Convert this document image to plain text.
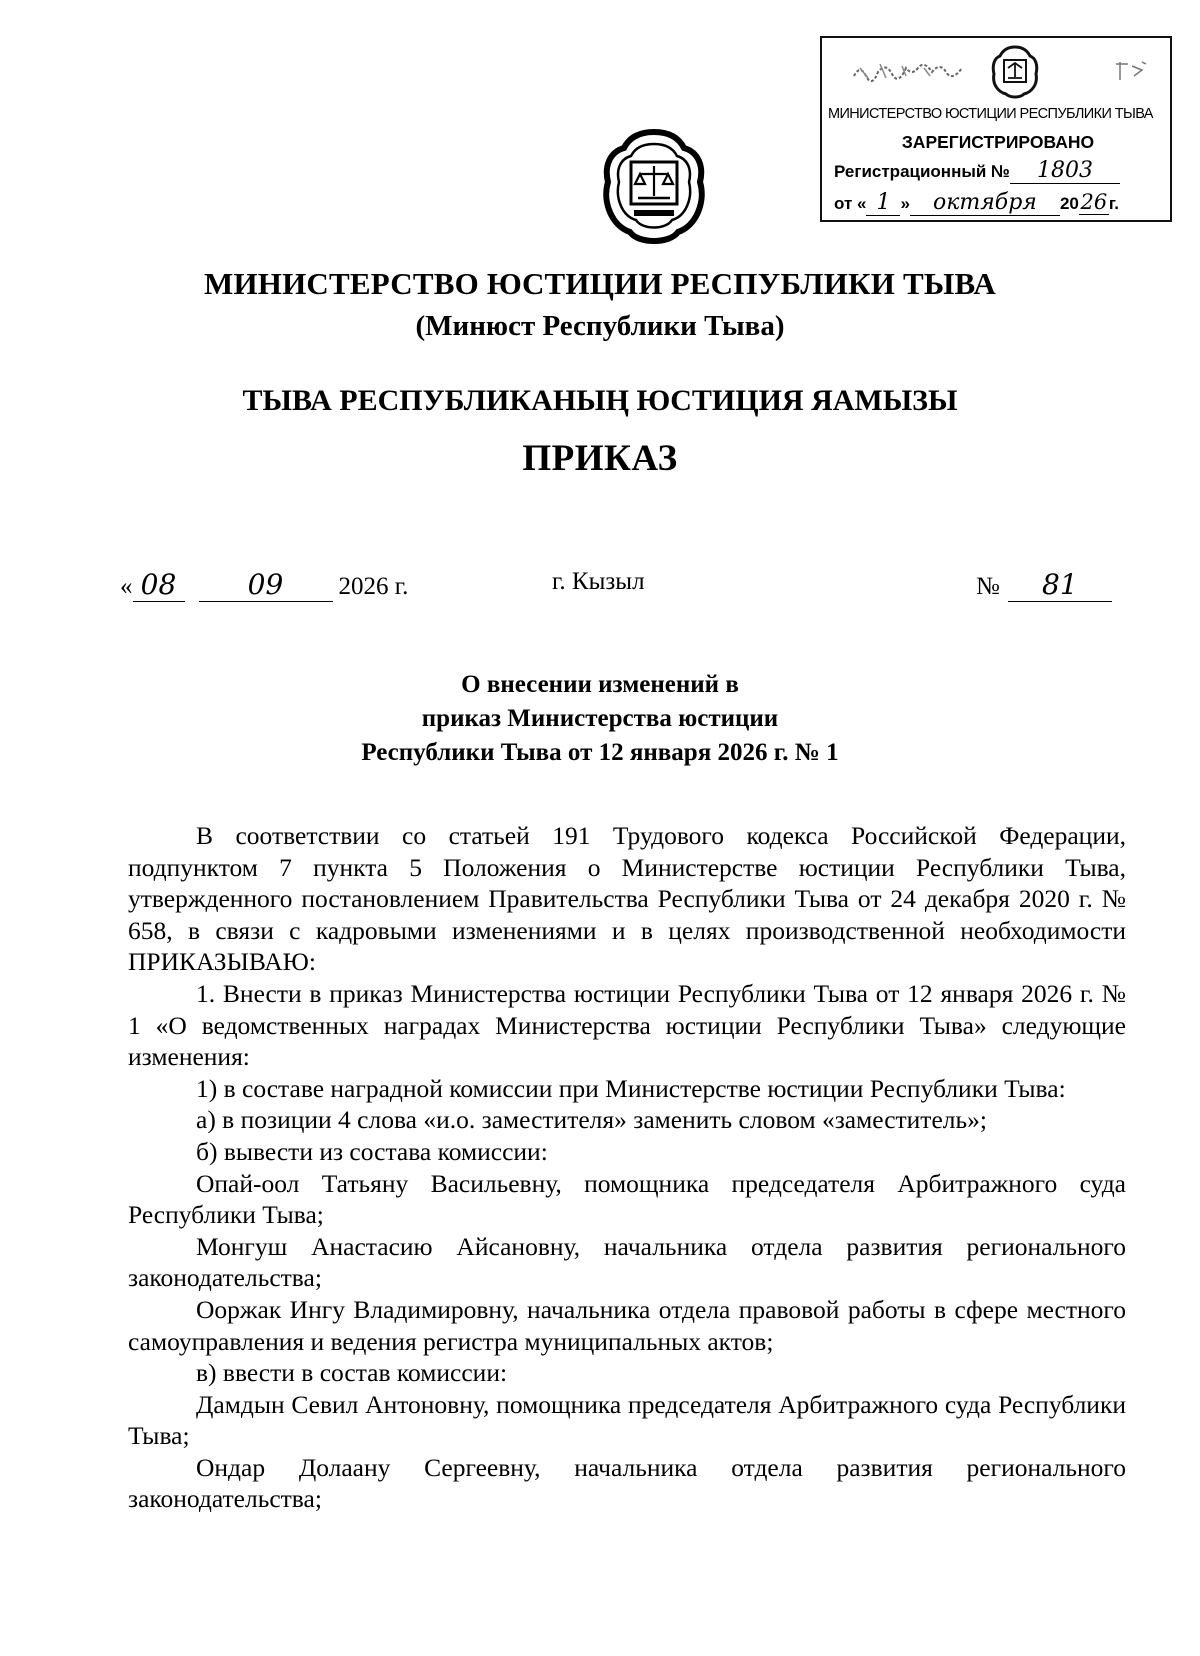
МИНИСТЕРСТВО ЮСТИЦИИ РЕСПУБЛИКИ ТЫВА
ЗАРЕГИСТРИРОВАНО
Регистрационный № 1803
от « 1 » октября 2026г.
МИНИСТЕРСТВО ЮСТИЦИИ РЕСПУБЛИКИ ТЫВА
(Минюст Республики Тыва)
ТЫВА РЕСПУБЛИКАНЫҢ ЮСТИЦИЯ ЯАМЫЗЫ
ПРИКАЗ
« 08	09 2026 г.	г. Кызыл	№ 81
О внесении изменений в
приказ Министерства юстиции
Республики Тыва от 12 января 2026 г. № 1

В соответствии со статьей 191 Трудового кодекса Российской Федерации, подпунктом 7 пункта 5 Положения о Министерстве юстиции Республики Тыва, утвержденного постановлением Правительства Республики Тыва от 24 декабря 2020 г. № 658, в связи с кадровыми изменениями и в целях производственной необходимости ПРИКАЗЫВАЮ:

1. Внести в приказ Министерства юстиции Республики Тыва от 12 января 2026 г. № 1 «О ведомственных наградах Министерства юстиции Республики Тыва» следующие изменения:

1) в составе наградной комиссии при Министерстве юстиции Республики Тыва:

а) в позиции 4 слова «и.о. заместителя» заменить словом «заместитель»;

б) вывести из состава комиссии:

Опай-оол Татьяну Васильевну, помощника председателя Арбитражного суда Республики Тыва;

Монгуш Анастасию Айсановну, начальника отдела развития регионального законодательства;

Ооржак Ингу Владимировну, начальника отдела правовой работы в сфере местного самоуправления и ведения регистра муниципальных актов;

в) ввести в состав комиссии:

Дамдын Севил Антоновну, помощника председателя Арбитражного суда Республики Тыва;

Ондар Долаану Сергеевну, начальника отдела развития регионального законодательства;
